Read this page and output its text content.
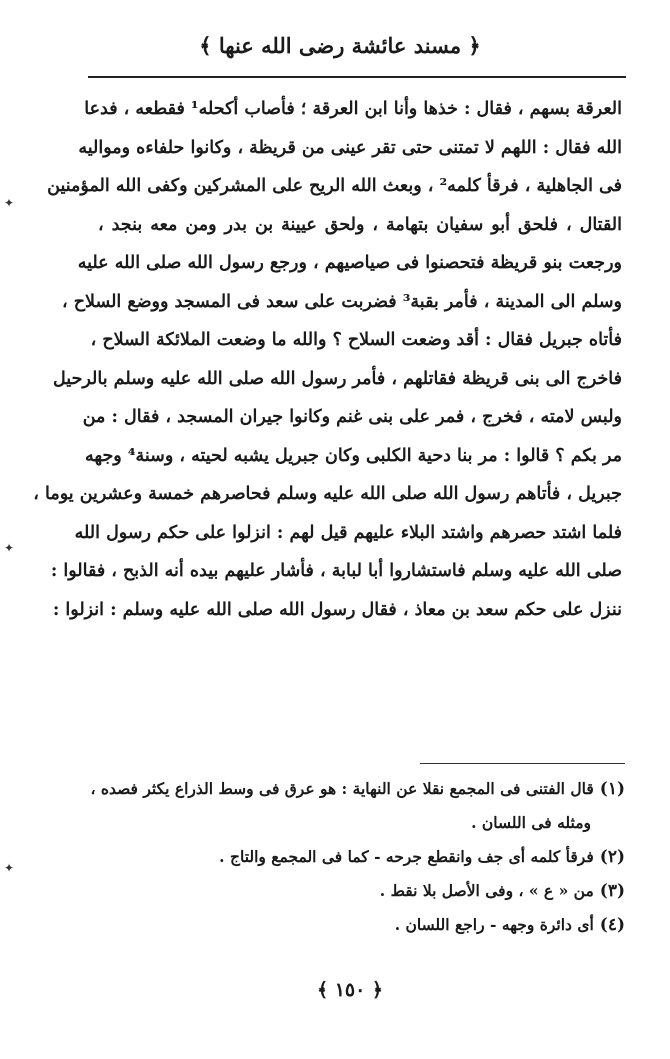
﴿ مسند عائشة رضى الله عنها ﴾
العرقة بسهم ، فقال : خذها وأنا ابن العرقة ؛ فأصاب أكحله¹ فقطعه ، فدعا
الله فقال : اللهم لا تمتنى حتى تقر عينى من قريظة ، وكانوا حلفاءه ومواليه
فى الجاهلية ، فرقأ كلمه² ، وبعث الله الريح على المشركين وكفى الله المؤمنين
القتال ، فلحق أبو سفيان بتهامة ، ولحق عيينة بن بدر ومن معه بنجد ،
ورجعت بنو قريظة فتحصنوا فى صياصيهم ، ورجع رسول الله صلى الله عليه
وسلم الى المدينة ، فأمر بقبة³ فضربت على سعد فى المسجد ووضع السلاح ،
فأتاه جبريل فقال : أقد وضعت السلاح ؟ والله ما وضعت الملائكة السلاح ،
فاخرج الى بنى قريظة فقاتلهم ، فأمر رسول الله صلى الله عليه وسلم بالرحيل
ولبس لامته ، فخرج ، فمر على بنى غنم وكانوا جيران المسجد ، فقال : من
مر بكم ؟ قالوا : مر بنا دحية الكلبى وكان جبريل يشبه لحيته ، وسنة⁴ وجهه
جبريل ، فأتاهم رسول الله صلى الله عليه وسلم فحاصرهم خمسة وعشرين يوما ،
فلما اشتد حصرهم واشتد البلاء عليهم قيل لهم : انزلوا على حكم رسول الله
صلى الله عليه وسلم فاستشاروا أبا لبابة ، فأشار عليهم بيده أنه الذبح ، فقالوا :
ننزل على حكم سعد بن معاذ ، فقال رسول الله صلى الله عليه وسلم : انزلوا :
(١)قال الفتنى فى المجمع نقلا عن النهاية : هو عرق فى وسط الذراع يكثر فصده ،
ومثله فى اللسان .
(٢)فرقأ كلمه أى جف وانقطع جرحه - كما فى المجمع والتاج .
(٣)من « ع » ، وفى الأصل بلا نقط .
(٤)أى دائرة وجهه - راجع اللسان .
﴿ ١٥٠ ﴾
✦
✦
✦
